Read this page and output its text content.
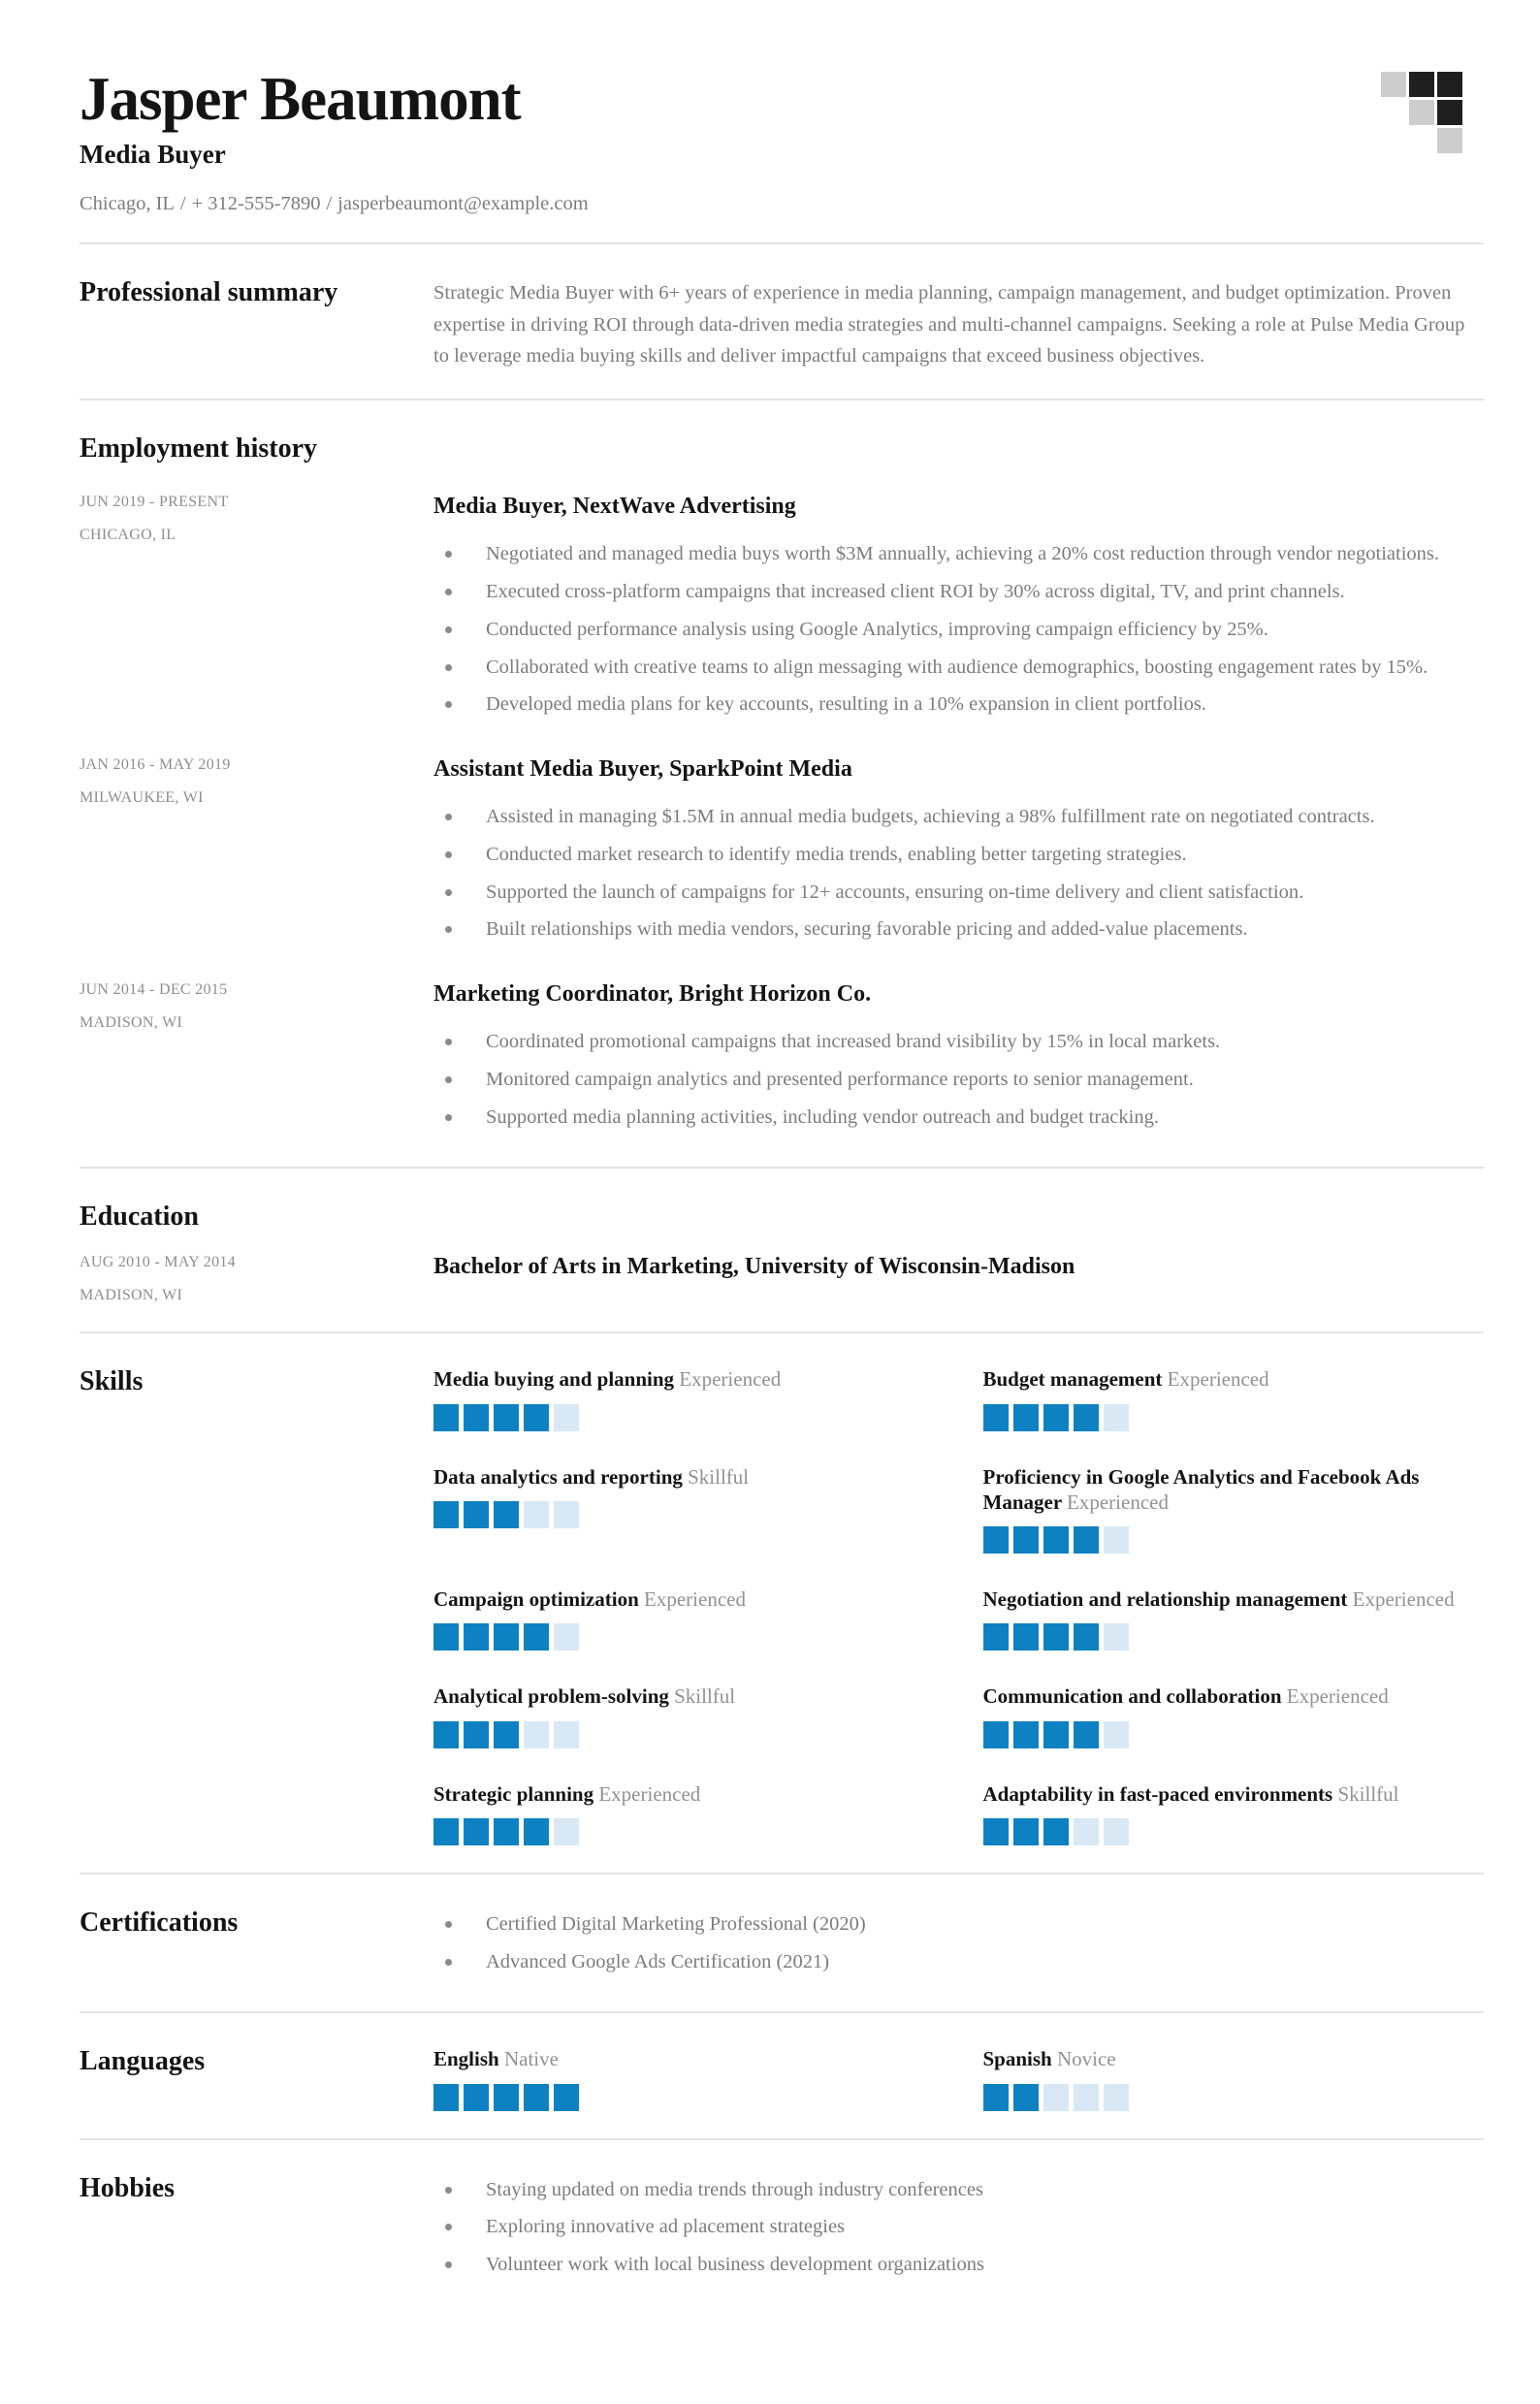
Jasper Beaumont
Media Buyer
Chicago, IL / + 312-555-7890 / jasperbeaumont@example.com
Professional summary	Strategic Media Buyer with 6+ years of experience in media planning, campaign management, and budget optimization. Proven expertise in driving ROI through data-driven media strategies and multi-channel campaigns. Seeking a role at Pulse Media Group to leverage media buying skills and deliver impactful campaigns that exceed business objectives.
Employment history
JUN 2019 - PRESENT
CHICAGO, IL
Media Buyer, NextWave Advertising
Negotiated and managed media buys worth $3M annually, achieving a 20% cost reduction through vendor negotiations.
Executed cross-platform campaigns that increased client ROI by 30% across digital, TV, and print channels.
Conducted performance analysis using Google Analytics, improving campaign efficiency by 25%.
Collaborated with creative teams to align messaging with audience demographics, boosting engagement rates by 15%.
Developed media plans for key accounts, resulting in a 10% expansion in client portfolios.
JAN 2016 - MAY 2019
MILWAUKEE, WI
Assistant Media Buyer, SparkPoint Media
Assisted in managing $1.5M in annual media budgets, achieving a 98% fulfillment rate on negotiated contracts.
Conducted market research to identify media trends, enabling better targeting strategies.
Supported the launch of campaigns for 12+ accounts, ensuring on-time delivery and client satisfaction.
Built relationships with media vendors, securing favorable pricing and added-value placements.
JUN 2014 - DEC 2015
MADISON, WI
Marketing Coordinator, Bright Horizon Co.
Coordinated promotional campaigns that increased brand visibility by 15% in local markets.
Monitored campaign analytics and presented performance reports to senior management.
Supported media planning activities, including vendor outreach and budget tracking.
Education
AUG 2010 - MAY 2014
MADISON, WI
Bachelor of Arts in Marketing, University of Wisconsin-Madison
Skills	Media buying and planning Experienced	Budget management Experienced
Data analytics and reporting Skillful	Proficiency in Google Analytics and Facebook Ads Manager Experienced
Campaign optimization Experienced	Negotiation and relationship management Experienced
Analytical problem-solving Skillful	Communication and collaboration Experienced
Strategic planning Experienced	Adaptability in fast-paced environments Skillful
Certifications	Certified Digital Marketing Professional (2020)
Advanced Google Ads Certification (2021)
Languages	English Native	Spanish Novice
Hobbies	Staying updated on media trends through industry conferences
Exploring innovative ad placement strategies
Volunteer work with local business development organizations
